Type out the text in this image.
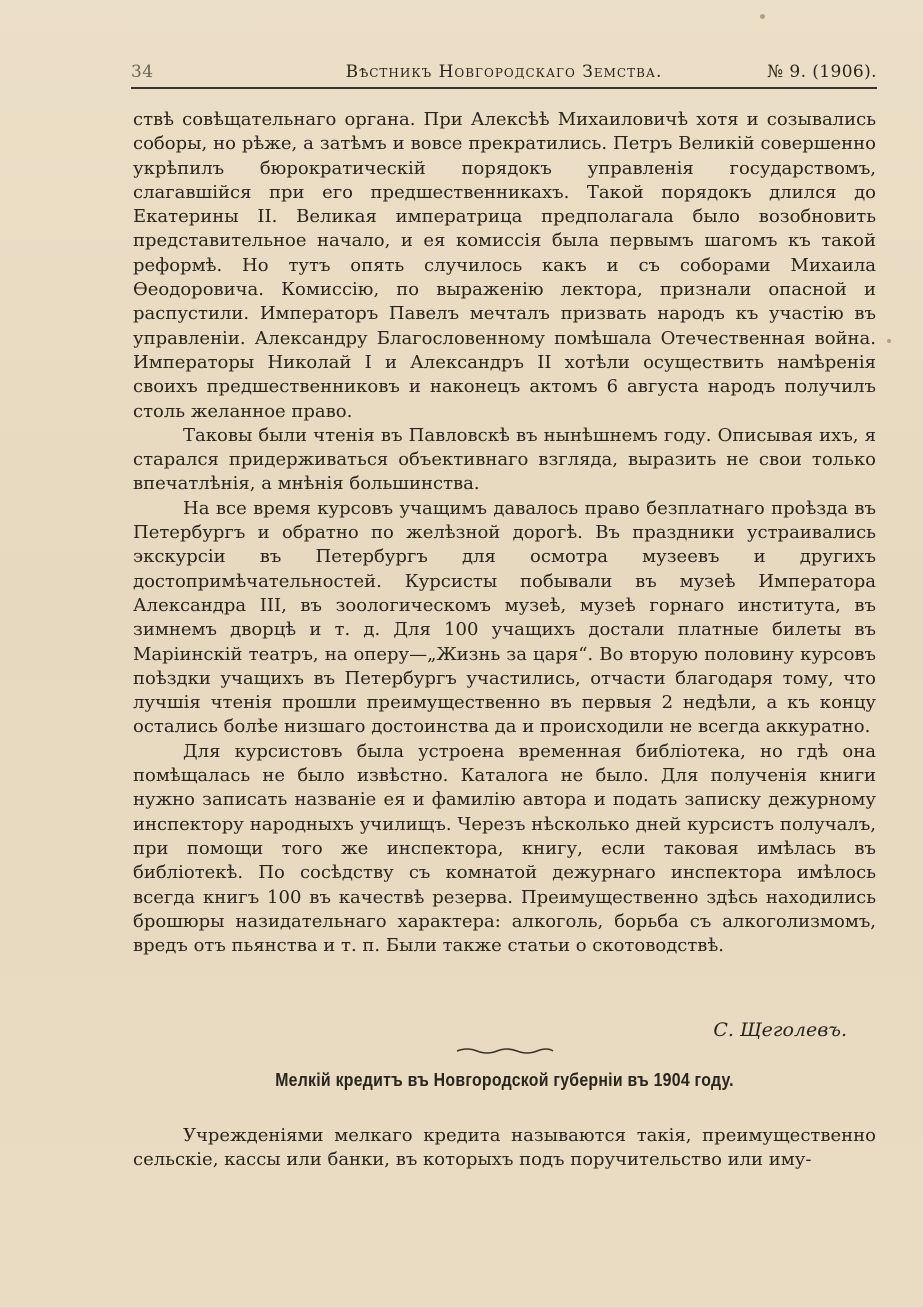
34	Вѣстникъ Новгородскаго Земства.	№ 9. (1906).

ствѣ совѣщательнаго органа. При Алексѣѣ Михаиловичѣ хотя и созывались соборы, но рѣже, а затѣмъ и вовсе прекратились. Петръ Великій совершенно укрѣпилъ бюрократическій порядокъ управленія государствомъ, слагавшійся при его предшественникахъ. Такой порядокъ длился до Екатерины II. Великая императрица предполагала было возобновить представительное начало, и ея комиссія была первымъ шагомъ къ такой реформѣ. Но тутъ опять случилось какъ и съ соборами Михаила Ѳеодоровича. Комиссію, по выраженію лектора, признали опасной и распустили. Императоръ Павелъ мечталъ призвать народъ къ участію въ управленіи. Александру Благословенному помѣшала Отечественная война. Императоры Николай I и Александръ II хотѣли осуществить намѣренія своихъ предшественниковъ и наконецъ актомъ 6 августа народъ получилъ столь желанное право.

Таковы были чтенія въ Павловскѣ въ нынѣшнемъ году. Описывая ихъ, я старался придерживаться объективнаго взгляда, выразить не свои только впечатлѣнія, а мнѣнія большинства.

На все время курсовъ учащимъ давалось право безплатнаго проѣзда въ Петербургъ и обратно по желѣзной дорогѣ. Въ праздники устраивались экскурсіи въ Петербургъ для осмотра музеевъ и другихъ достопримѣчательностей. Курсисты побывали въ музеѣ Императора Александра III, въ зоологическомъ музеѣ, музеѣ горнаго института, въ зимнемъ дворцѣ и т. д. Для 100 учащихъ достали платные билеты въ Маріинскій театръ, на оперу—„Жизнь за царя“. Во вторую половину курсовъ поѣздки учащихъ въ Петербургъ участились, отчасти благодаря тому, что лучшія чтенія прошли преимущественно въ первыя 2 недѣли, а къ концу остались болѣе низшаго достоинства да и происходили не всегда аккуратно.

Для курсистовъ была устроена временная библіотека, но гдѣ она помѣщалась не было извѣстно. Каталога не было. Для полученія книги нужно записать названіе ея и фамилію автора и подать записку дежурному инспектору народныхъ училищъ. Черезъ нѣсколько дней курсистъ получалъ, при помощи того же инспектора, книгу, если таковая имѣлась въ библіотекѣ. По сосѣдству съ комнатой дежурнаго инспектора имѣлось всегда книгъ 100 въ качествѣ резерва. Преимущественно здѣсь находились брошюры назидательнаго характера: алкоголь, борьба съ алкоголизмомъ, вредъ отъ пьянства и т. п. Были также статьи о скотоводствѣ.

С. Щеголевъ.
Мелкій кредитъ въ Новгородской губерніи въ 1904 году.

Учрежденіями мелкаго кредита называются такія, преимущественно сельскіе, кассы или банки, въ которыхъ подъ поручительство или иму-
